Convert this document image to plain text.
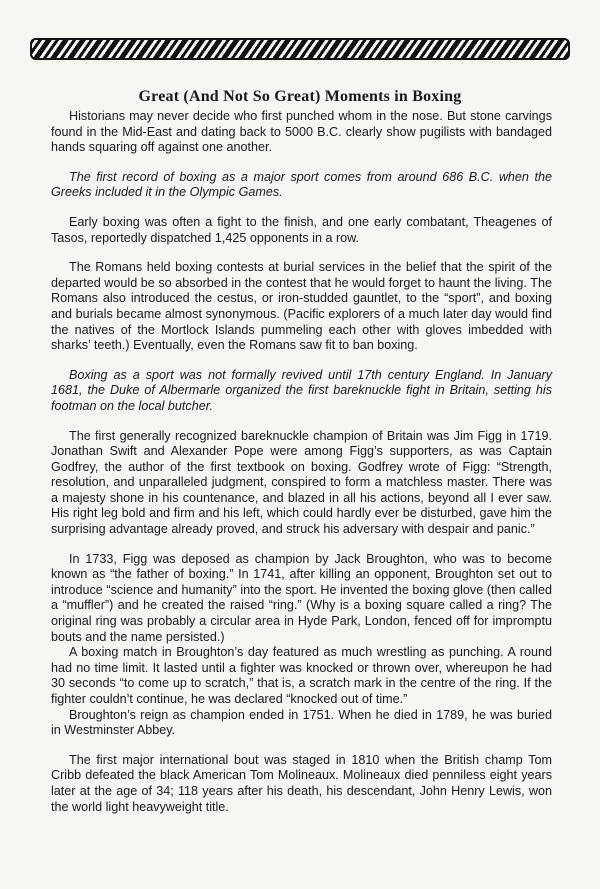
Great (And Not So Great) Moments in Boxing

Historians may never decide who first punched whom in the nose. But stone carvings found in the Mid-East and dating back to 5000 B.C. clearly show pugilists with bandaged hands squaring off against one another.

The first record of boxing as a major sport comes from around 686 B.C. when the Greeks included it in the Olympic Games.

Early boxing was often a fight to the finish, and one early combatant, Theagenes of Tasos, reportedly dispatched 1,425 opponents in a row.

The Romans held boxing contests at burial services in the belief that the spirit of the departed would be so absorbed in the contest that he would forget to haunt the living. The Romans also introduced the cestus, or iron-studded gauntlet, to the “sport”, and boxing and burials became almost synonymous. (Pacific explorers of a much later day would find the natives of the Mortlock Islands pummeling each other with gloves imbedded with sharks’ teeth.) Eventually, even the Romans saw fit to ban boxing.

Boxing as a sport was not formally revived until 17th century England. In January 1681, the Duke of Albermarle organized the first bareknuckle fight in Britain, setting his footman on the local butcher.

The first generally recognized bareknuckle champion of Britain was Jim Figg in 1719. Jonathan Swift and Alexander Pope were among Figg’s supporters, as was Captain Godfrey, the author of the first textbook on boxing. Godfrey wrote of Figg: “Strength, resolution, and unparalleled judgment, conspired to form a matchless master. There was a majesty shone in his countenance, and blazed in all his actions, beyond all I ever saw. His right leg bold and firm and his left, which could hardly ever be disturbed, gave him the surprising advantage already proved, and struck his adversary with despair and panic.”

In 1733, Figg was deposed as champion by Jack Broughton, who was to become known as “the father of boxing.” In 1741, after killing an opponent, Broughton set out to introduce “science and humanity” into the sport. He invented the boxing glove (then called a “muffler”) and he created the raised “ring.” (Why is a boxing square called a ring? The original ring was probably a circular area in Hyde Park, London, fenced off for impromptu bouts and the name persisted.)

A boxing match in Broughton’s day featured as much wrestling as punching. A round had no time limit. It lasted until a fighter was knocked or thrown over, whereupon he had 30 seconds “to come up to scratch,” that is, a scratch mark in the centre of the ring. If the fighter couldn’t continue, he was declared “knocked out of time.”

Broughton’s reign as champion ended in 1751. When he died in 1789, he was buried in Westminster Abbey.

The first major international bout was staged in 1810 when the British champ Tom Cribb defeated the black American Tom Molineaux. Molineaux died penniless eight years later at the age of 34; 118 years after his death, his descendant, John Henry Lewis, won the world light heavyweight title.
